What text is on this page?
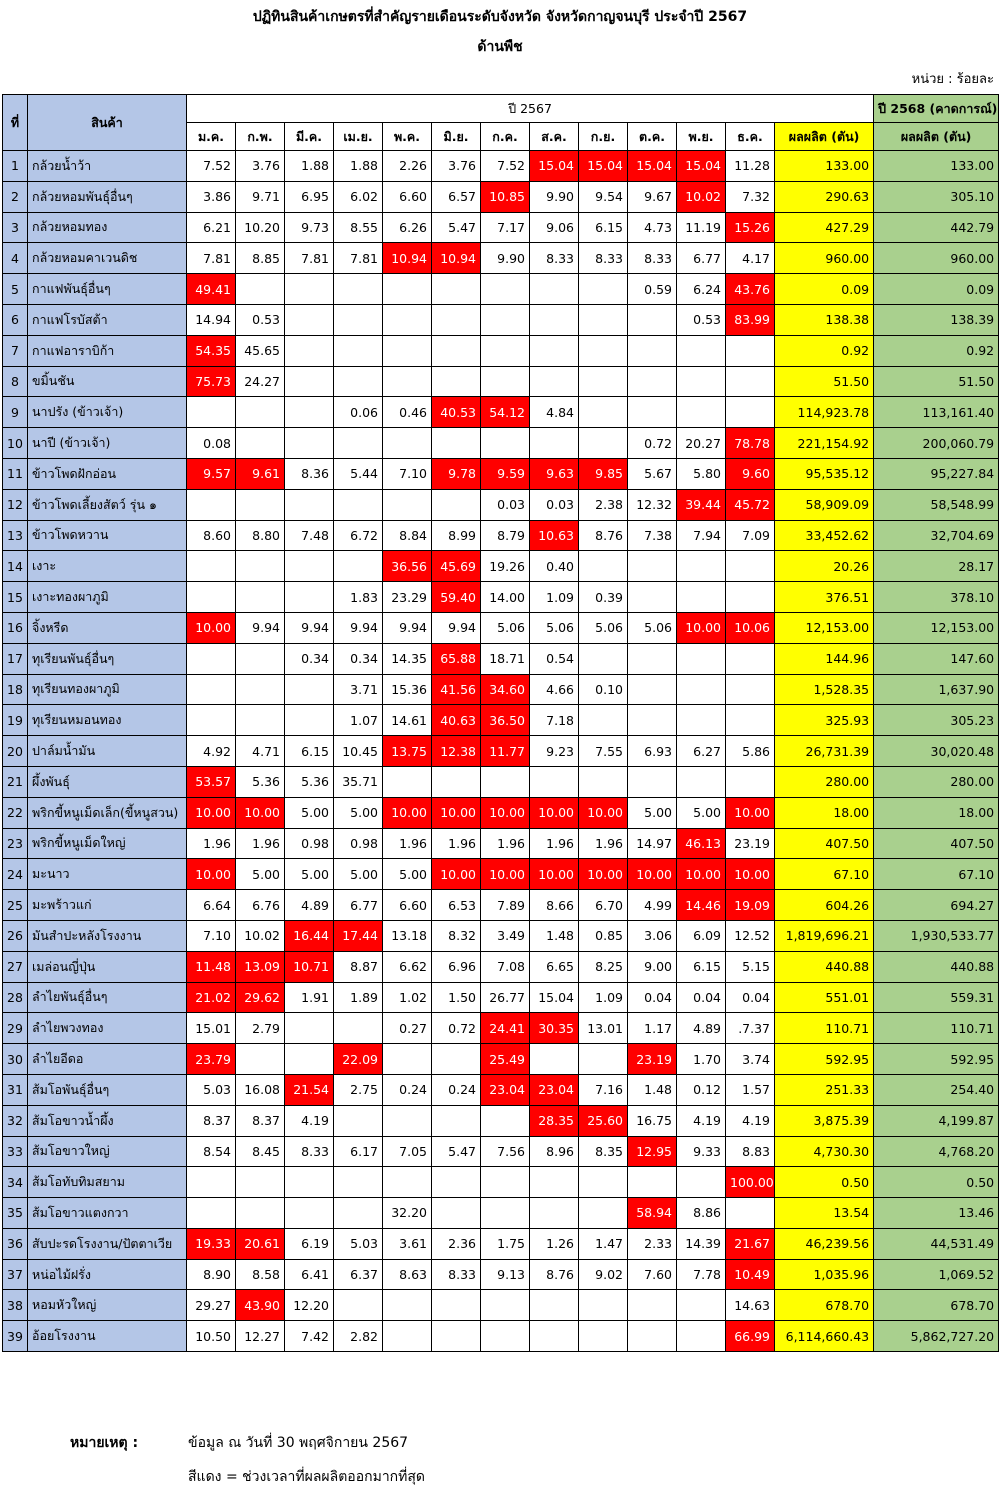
ปฏิทินสินค้าเกษตรที่สำคัญรายเดือนระดับจังหวัด จังหวัดกาญจนบุรี ประจำปี 2567
ด้านพืช
หน่วย : ร้อยละ
ที่	สินค้า	ปี 2567													ปี 2568 (คาดการณ์)
		ม.ค.	ก.พ.	มี.ค.	เม.ย.	พ.ค.	มิ.ย.	ก.ค.	ส.ค.	ก.ย.	ต.ค.	พ.ย.	ธ.ค.	ผลผลิต (ตัน)	ผลผลิต (ตัน)
1	กล้วยน้ำว้า	7.52	3.76	1.88	1.88	2.26	3.76	7.52	15.04	15.04	15.04	15.04	11.28	133.00	133.00
2	กล้วยหอมพันธุ์อื่นๆ	3.86	9.71	6.95	6.02	6.60	6.57	10.85	9.90	9.54	9.67	10.02	7.32	290.63	305.10
3	กล้วยหอมทอง	6.21	10.20	9.73	8.55	6.26	5.47	7.17	9.06	6.15	4.73	11.19	15.26	427.29	442.79
4	กล้วยหอมคาเวนดิช	7.81	8.85	7.81	7.81	10.94	10.94	9.90	8.33	8.33	8.33	6.77	4.17	960.00	960.00
5	กาแฟพันธุ์อื่นๆ	49.41									0.59	6.24	43.76	0.09	0.09
6	กาแฟโรบัสต้า	14.94	0.53									0.53	83.99	138.38	138.39
7	กาแฟอาราบิก้า	54.35	45.65											0.92	0.92
8	ขมิ้นชัน	75.73	24.27											51.50	51.50
9	นาปรัง (ข้าวเจ้า)				0.06	0.46	40.53	54.12	4.84					114,923.78	113,161.40
10	นาปี (ข้าวเจ้า)	0.08									0.72	20.27	78.78	221,154.92	200,060.79
11	ข้าวโพดฝักอ่อน	9.57	9.61	8.36	5.44	7.10	9.78	9.59	9.63	9.85	5.67	5.80	9.60	95,535.12	95,227.84
12	ข้าวโพดเลี้ยงสัตว์ รุ่น ๑							0.03	0.03	2.38	12.32	39.44	45.72	58,909.09	58,548.99
13	ข้าวโพดหวาน	8.60	8.80	7.48	6.72	8.84	8.99	8.79	10.63	8.76	7.38	7.94	7.09	33,452.62	32,704.69
14	เงาะ					36.56	45.69	19.26	0.40					20.26	28.17
15	เงาะทองผาภูมิ				1.83	23.29	59.40	14.00	1.09	0.39				376.51	378.10
16	จิ้งหรีด	10.00	9.94	9.94	9.94	9.94	9.94	5.06	5.06	5.06	5.06	10.00	10.06	12,153.00	12,153.00
17	ทุเรียนพันธุ์อื่นๆ			0.34	0.34	14.35	65.88	18.71	0.54					144.96	147.60
18	ทุเรียนทองผาภูมิ				3.71	15.36	41.56	34.60	4.66	0.10				1,528.35	1,637.90
19	ทุเรียนหมอนทอง				1.07	14.61	40.63	36.50	7.18					325.93	305.23
20	ปาล์มน้ำมัน	4.92	4.71	6.15	10.45	13.75	12.38	11.77	9.23	7.55	6.93	6.27	5.86	26,731.39	30,020.48
21	ผึ้งพันธุ์	53.57	5.36	5.36	35.71									280.00	280.00
22	พริกขี้หนูเม็ดเล็ก(ขี้หนูสวน)	10.00	10.00	5.00	5.00	10.00	10.00	10.00	10.00	10.00	5.00	5.00	10.00	18.00	18.00
23	พริกขี้หนูเม็ดใหญ่	1.96	1.96	0.98	0.98	1.96	1.96	1.96	1.96	1.96	14.97	46.13	23.19	407.50	407.50
24	มะนาว	10.00	5.00	5.00	5.00	5.00	10.00	10.00	10.00	10.00	10.00	10.00	10.00	67.10	67.10
25	มะพร้าวแก่	6.64	6.76	4.89	6.77	6.60	6.53	7.89	8.66	6.70	4.99	14.46	19.09	604.26	694.27
26	มันสำปะหลังโรงงาน	7.10	10.02	16.44	17.44	13.18	8.32	3.49	1.48	0.85	3.06	6.09	12.52	1,819,696.21	1,930,533.77
27	เมล่อนญี่ปุ่น	11.48	13.09	10.71	8.87	6.62	6.96	7.08	6.65	8.25	9.00	6.15	5.15	440.88	440.88
28	ลำไยพันธุ์อื่นๆ	21.02	29.62	1.91	1.89	1.02	1.50	26.77	15.04	1.09	0.04	0.04	0.04	551.01	559.31
29	ลำไยพวงทอง	15.01	2.79			0.27	0.72	24.41	30.35	13.01	1.17	4.89	.7.37	110.71	110.71
30	ลำไยอีดอ	23.79			22.09			25.49			23.19	1.70	3.74	592.95	592.95
31	ส้มโอพันธุ์อื่นๆ	5.03	16.08	21.54	2.75	0.24	0.24	23.04	23.04	7.16	1.48	0.12	1.57	251.33	254.40
32	ส้มโอขาวน้ำผึ้ง	8.37	8.37	4.19					28.35	25.60	16.75	4.19	4.19	3,875.39	4,199.87
33	ส้มโอขาวใหญ่	8.54	8.45	8.33	6.17	7.05	5.47	7.56	8.96	8.35	12.95	9.33	8.83	4,730.30	4,768.20
34	ส้มโอทับทิมสยาม												100.00	0.50	0.50
35	ส้มโอขาวแตงกวา					32.20					58.94	8.86		13.54	13.46
36	สับปะรดโรงงาน/ปัตตาเวีย	19.33	20.61	6.19	5.03	3.61	2.36	1.75	1.26	1.47	2.33	14.39	21.67	46,239.56	44,531.49
37	หน่อไม้ฝรั่ง	8.90	8.58	6.41	6.37	8.63	8.33	9.13	8.76	9.02	7.60	7.78	10.49	1,035.96	1,069.52
38	หอมหัวใหญ่	29.27	43.90	12.20									14.63	678.70	678.70
39	อ้อยโรงงาน	10.50	12.27	7.42	2.82								66.99	6,114,660.43	5,862,727.20
หมายเหตุ :	ข้อมูล ณ วันที่ 30 พฤศจิกายน 2567
สีแดง = ช่วงเวลาที่ผลผลิตออกมากที่สุด
